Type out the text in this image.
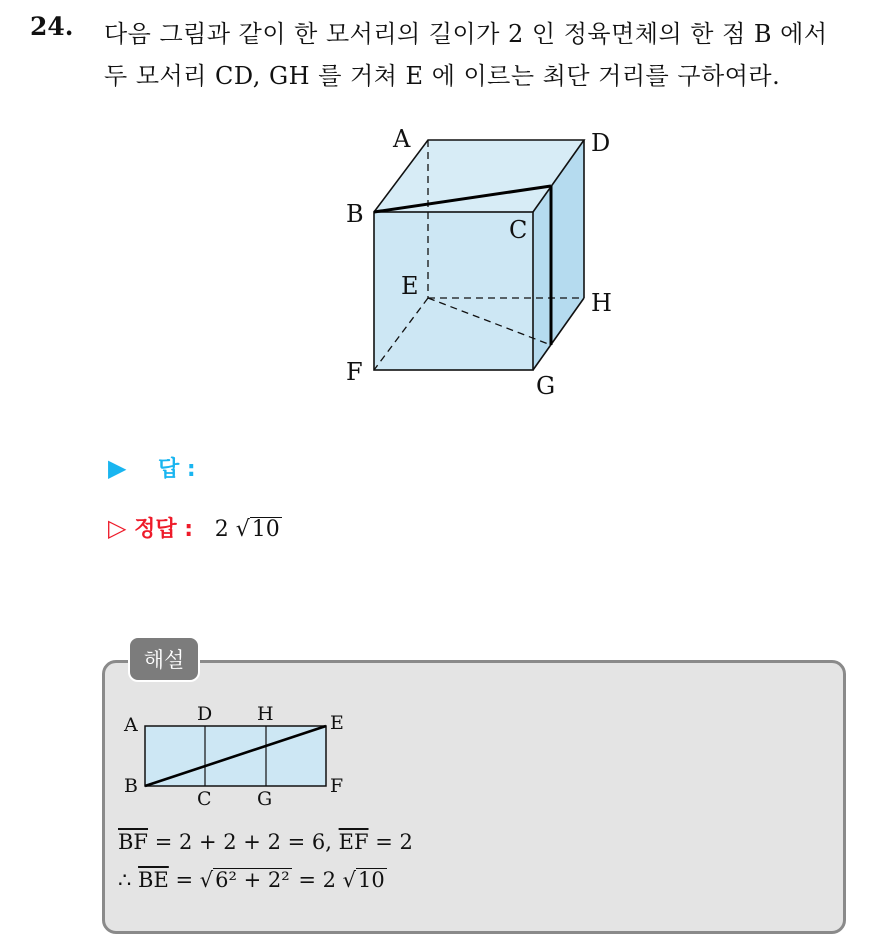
24. 다음 그림과 같이 한 모서리의 길이가 2 인 정육면체의 한 점 B 에서
두 모서리 CD, GH 를 거쳐 E 에 이르는 최단 거리를 구하여라.
A	D
B
C
E
H
F	G
▶ 답 :
▷ 정답 : 2 √10
해설
A	D H	E
B
C G
F
$\overline{BF} = 2 + 2 + 2 = 6$, $\overline{EF} = 2$
∴ $\overline{BE} = √6^2 + 2^2 = 2$ √10
